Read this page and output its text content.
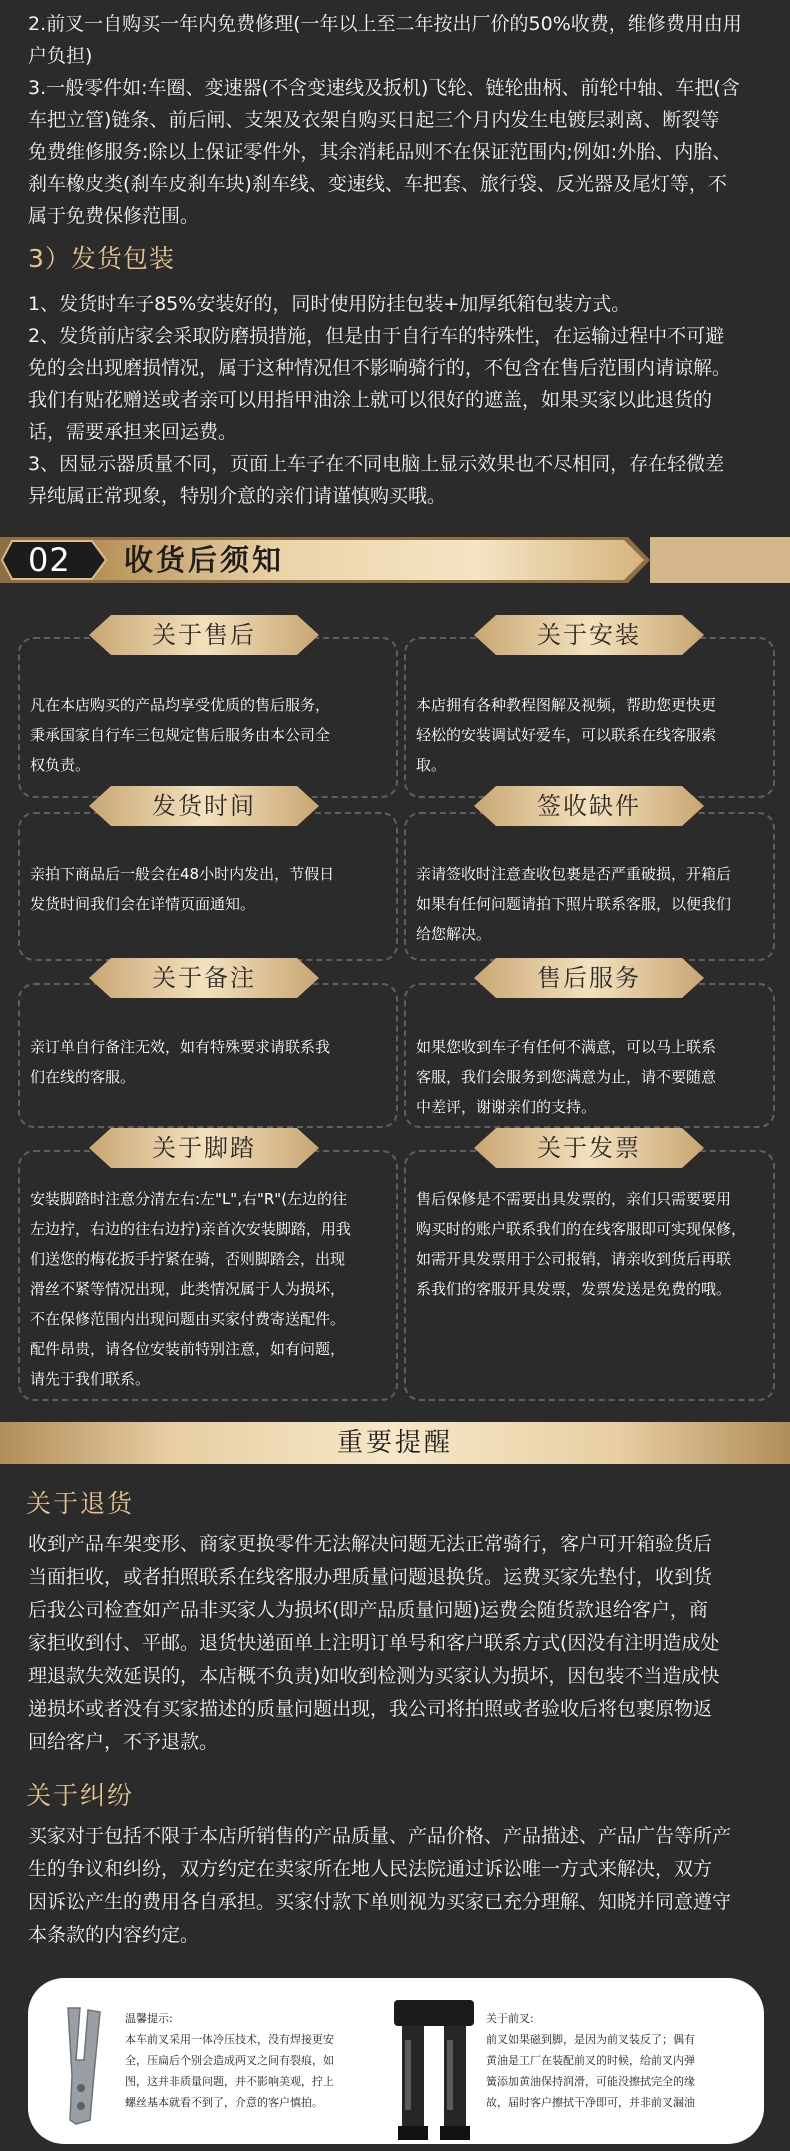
2.前叉一自购买一年内免费修理(一年以上至二年按出厂价的50%收费，维修费用由用

户负担)

3.一般零件如:车圈、变速器(不含变速线及扳机)飞轮、链轮曲柄、前轮中轴、车把(含

车把立管)链条、前后闸、支架及衣架自购买日起三个月内发生电镀层剥离、断裂等

免费维修服务:除以上保证零件外，其余消耗品则不在保证范围内;例如:外胎、内胎、

刹车橡皮类(刹车皮刹车块)刹车线、变速线、车把套、旅行袋、反光器及尾灯等，不

属于免费保修范围。

3）发货包装

1、发货时车子85%安装好的，同时使用防挂包装+加厚纸箱包装方式。

2、发货前店家会采取防磨损措施，但是由于自行车的特殊性，在运输过程中不可避

免的会出现磨损情况，属于这种情况但不影响骑行的，不包含在售后范围内请谅解。

我们有贴花赠送或者亲可以用指甲油涂上就可以很好的遮盖，如果买家以此退货的

话，需要承担来回运费。

3、因显示器质量不同，页面上车子在不同电脑上显示效果也不尽相同，存在轻微差

异纯属正常现象，特别介意的亲们请谨慎购买哦。

02 收货后须知
关于售后	关于安装
发货时间	签收缺件
关于备注	售后服务
关于脚踏	关于发票
凡在本店购买的产品均享受优质的售后服务，
秉承国家自行车三包规定售后服务由本公司全
权负责。
本店拥有各种教程图解及视频，帮助您更快更
轻松的安装调试好爱车，可以联系在线客服索
取。
亲拍下商品后一般会在48小时内发出，节假日
发货时间我们会在详情页面通知。
亲请签收时注意查收包裹是否严重破损，开箱后
如果有任何问题请拍下照片联系客服，以便我们
给您解决。
亲订单自行备注无效，如有特殊要求请联系我
们在线的客服。
如果您收到车子有任何不满意，可以马上联系
客服，我们会服务到您满意为止，请不要随意
中差评，谢谢亲们的支持。
安装脚踏时注意分清左右:左"L",右"R"(左边的往
左边拧，右边的往右边拧)亲首次安装脚踏，用我
们送您的梅花扳手拧紧在骑，否则脚踏会，出现
滑丝不紧等情况出现，此类情况属于人为损坏，
不在保修范围内出现问题由买家付费寄送配件。
配件昂贵，请各位安装前特别注意，如有问题，
请先于我们联系。
售后保修是不需要出具发票的，亲们只需要要用
购买时的账户联系我们的在线客服即可实现保修，
如需开具发票用于公司报销，请亲收到货后再联
系我们的客服开具发票，发票发送是免费的哦。
重要提醒
关于退货
收到产品车架变形、商家更换零件无法解决问题无法正常骑行，客户可开箱验货后
当面拒收，或者拍照联系在线客服办理质量问题退换货。运费买家先垫付，收到货
后我公司检查如产品非买家人为损坏(即产品质量问题)运费会随货款退给客户，商
家拒收到付、平邮。退货快递面单上注明订单号和客户联系方式(因没有注明造成处
理退款失效延误的，本店概不负责)如收到检测为买家认为损坏，因包装不当造成快
递损坏或者没有买家描述的质量问题出现，我公司将拍照或者验收后将包裹原物返
回给客户，不予退款。
关于纠纷
买家对于包括不限于本店所销售的产品质量、产品价格、产品描述、产品广告等所产
生的争议和纠纷，双方约定在卖家所在地人民法院通过诉讼唯一方式来解决，双方
因诉讼产生的费用各自承担。买家付款下单则视为买家已充分理解、知晓并同意遵守
本条款的内容约定。

温馨提示:

本车前叉采用一体冷压技术，没有焊接更安

全，压扁后个别会造成两叉之间有裂痕，如

图，这并非质量问题，并不影响美观，拧上

螺丝基本就看不到了，介意的客户慎拍。

关于前叉:

前叉如果磁到脚，是因为前叉装反了；偶有

黄油是工厂在装配前叉的时候，给前叉内弹

簧添加黄油保持润滑，可能没擦拭完全的缘

故，届时客户擦拭干净即可，并非前叉漏油
